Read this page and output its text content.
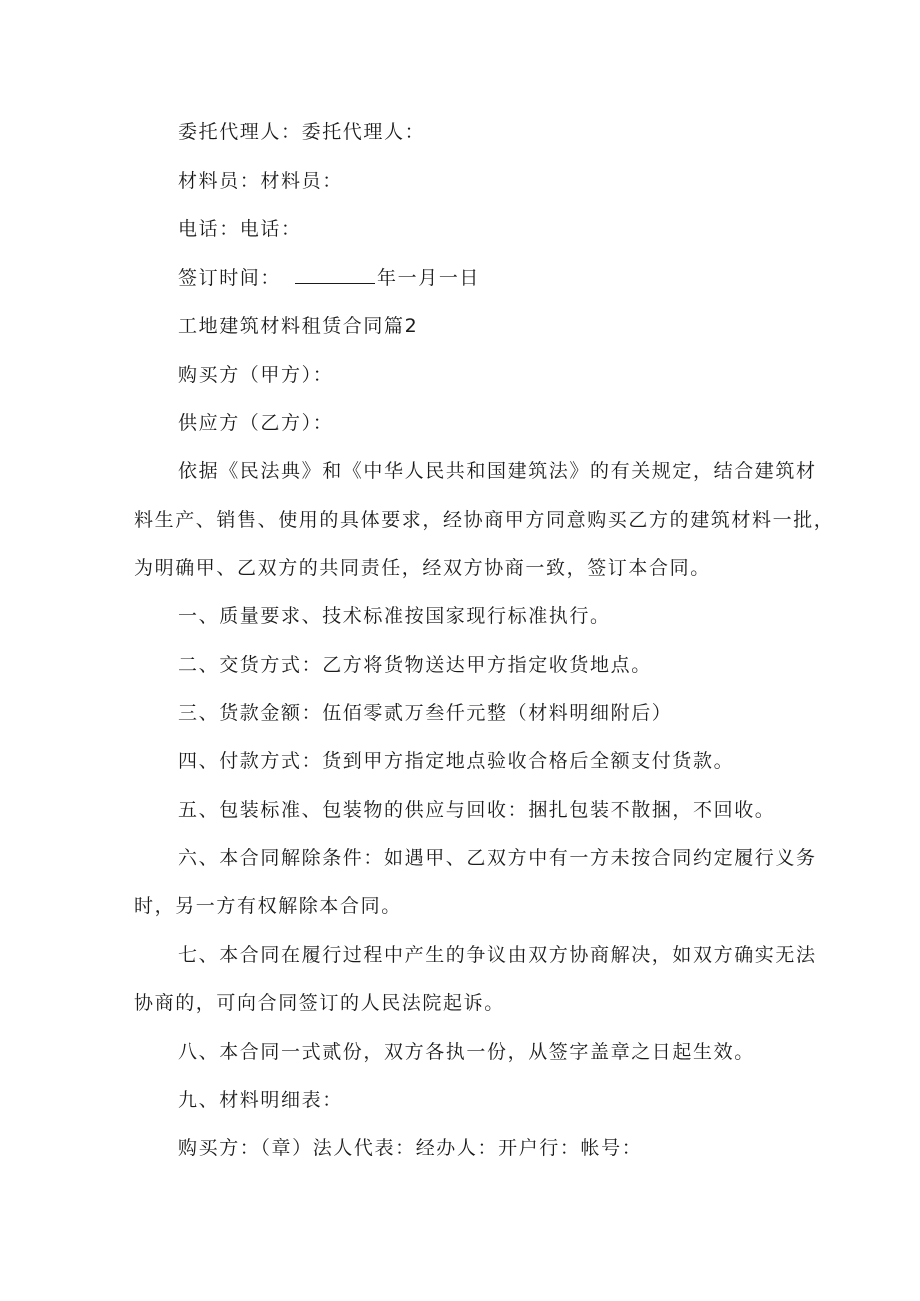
委托代理人：委托代理人：
材料员：材料员：
电话：电话：
签订时间：	年一月一日
工地建筑材料租赁合同篇2
购买方（甲方）：
供应方（乙方）：
依据《民法典》和《中华人民共和国建筑法》的有关规定，结合建筑材
料生产、销售、使用的具体要求，经协商甲方同意购买乙方的建筑材料一批，
为明确甲、乙双方的共同责任，经双方协商一致，签订本合同。
一、质量要求、技术标准按国家现行标准执行。
二、交货方式：乙方将货物送达甲方指定收货地点。
三、货款金额：伍佰零贰万叁仟元整（材料明细附后）
四、付款方式：货到甲方指定地点验收合格后全额支付货款。
五、包装标准、包装物的供应与回收：捆扎包装不散捆，不回收。
六、本合同解除条件：如遇甲、乙双方中有一方未按合同约定履行义务
时，另一方有权解除本合同。
七、本合同在履行过程中产生的争议由双方协商解决，如双方确实无法
协商的，可向合同签订的人民法院起诉。
八、本合同一式贰份，双方各执一份，从签字盖章之日起生效。
九、材料明细表：
购买方：（章）法人代表：经办人：开户行：帐号：
